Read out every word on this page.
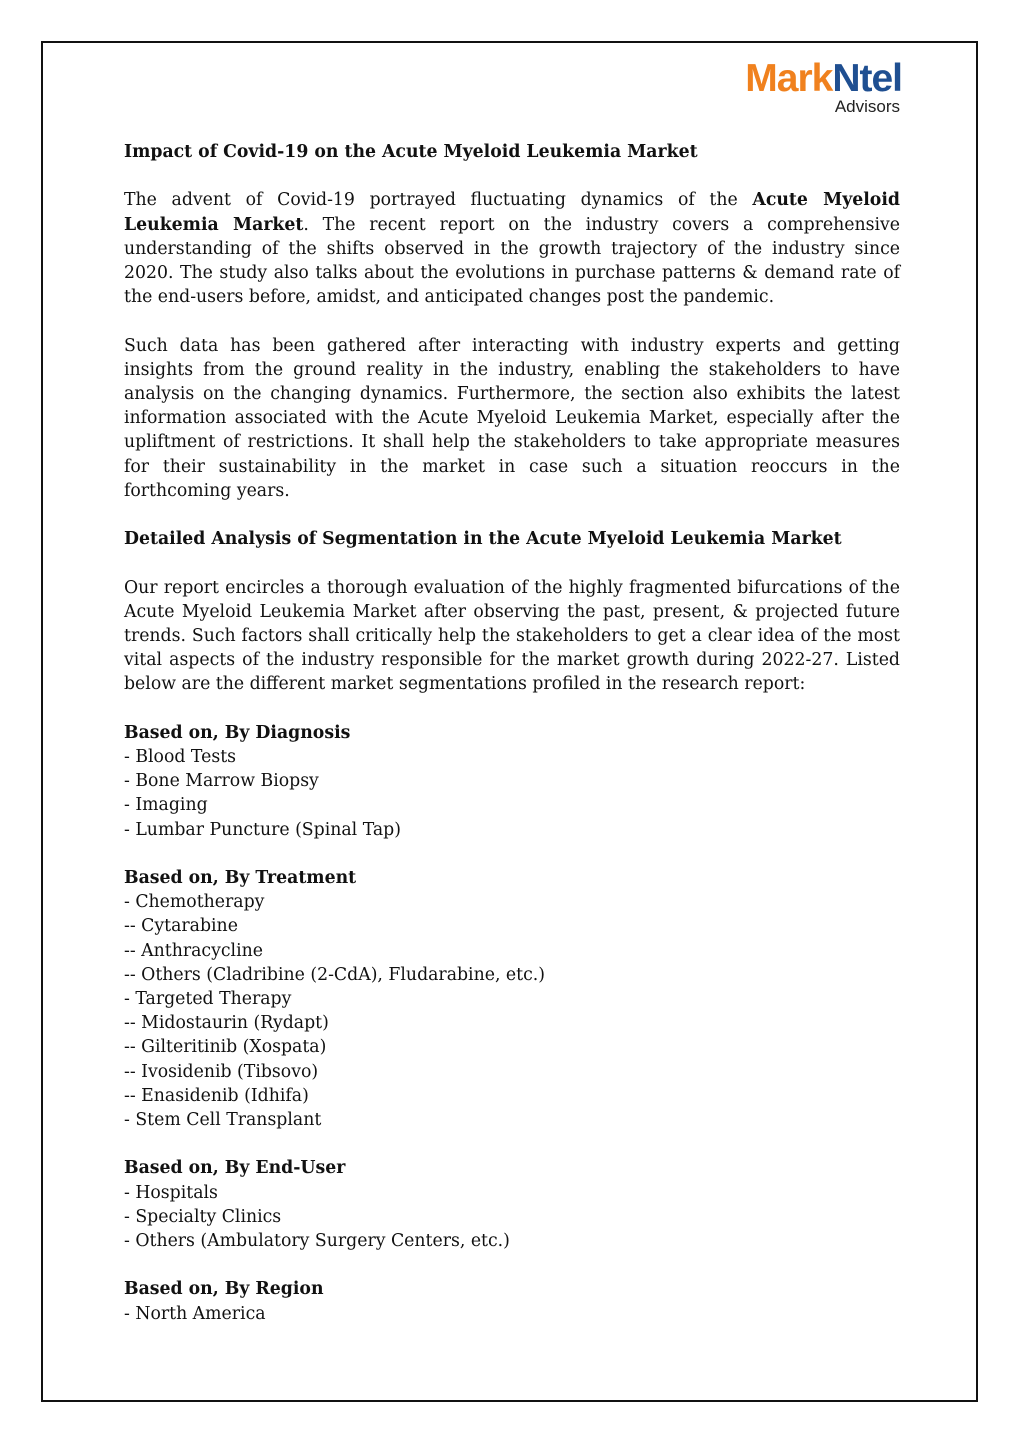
MarkNtel
Advisors

Impact of Covid-19 on the Acute Myeloid Leukemia Market

The advent of Covid-19 portrayed fluctuating dynamics of the Acute Myeloid Leukemia Market. The recent report on the industry covers a comprehensive understanding of the shifts observed in the growth trajectory of the industry since 2020. The study also talks about the evolutions in purchase patterns & demand rate of the end-users before, amidst, and anticipated changes post the pandemic.

Such data has been gathered after interacting with industry experts and getting insights from the ground reality in the industry, enabling the stakeholders to have analysis on the changing dynamics. Furthermore, the section also exhibits the latest information associated with the Acute Myeloid Leukemia Market, especially after the upliftment of restrictions. It shall help the stakeholders to take appropriate measures for their sustainability in the market in case such a situation reoccurs in the forthcoming years.

Detailed Analysis of Segmentation in the Acute Myeloid Leukemia Market

Our report encircles a thorough evaluation of the highly fragmented bifurcations of the Acute Myeloid Leukemia Market after observing the past, present, & projected future trends. Such factors shall critically help the stakeholders to get a clear idea of the most vital aspects of the industry responsible for the market growth during 2022-27. Listed below are the different market segmentations profiled in the research report:

Based on, By Diagnosis

- Blood Tests
- Bone Marrow Biopsy
- Imaging
- Lumbar Puncture (Spinal Tap)

Based on, By Treatment

- Chemotherapy
-- Cytarabine
-- Anthracycline
-- Others (Cladribine (2-CdA), Fludarabine, etc.)
- Targeted Therapy
-- Midostaurin (Rydapt)
-- Gilteritinib (Xospata)
-- Ivosidenib (Tibsovo)
-- Enasidenib (Idhifa)
- Stem Cell Transplant

Based on, By End-User

- Hospitals
- Specialty Clinics
- Others (Ambulatory Surgery Centers, etc.)

Based on, By Region

- North America
